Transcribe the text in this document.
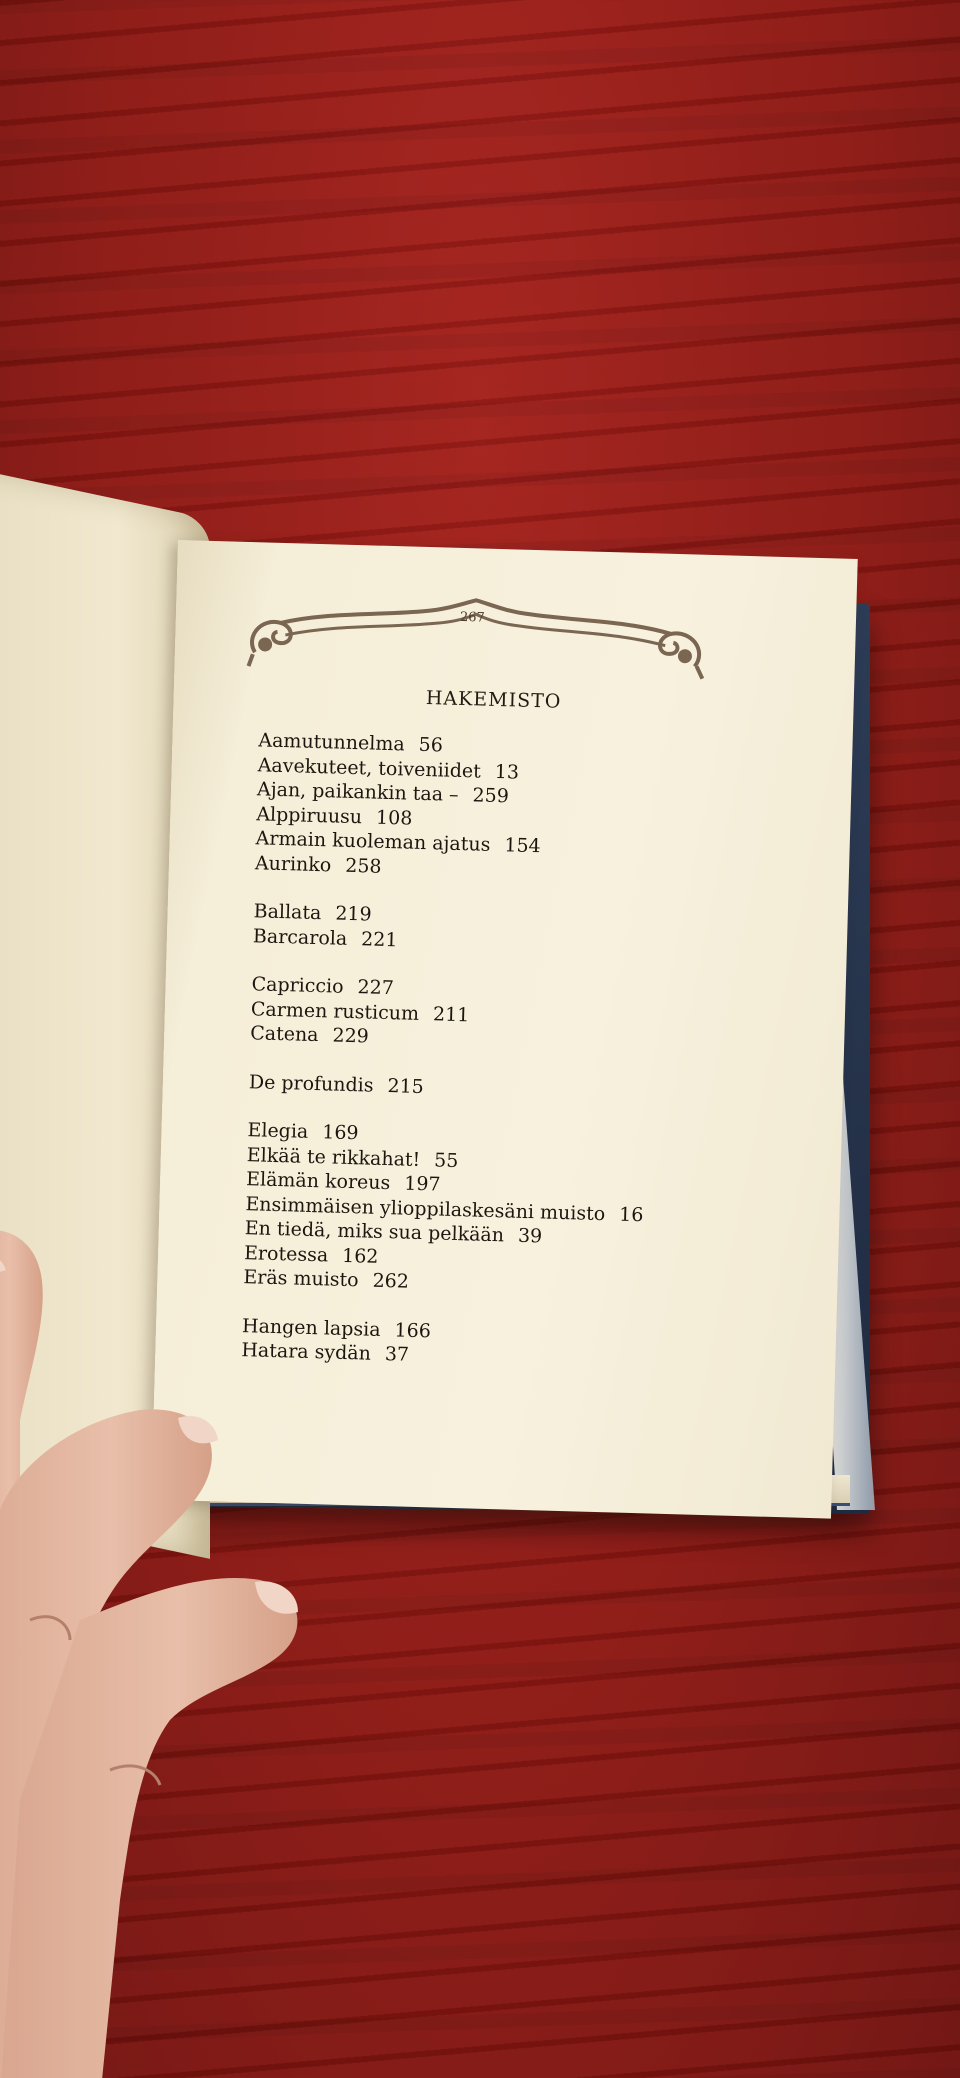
267
HAKEMISTO
Aamutunnelma 56
Aavekuteet, toiveniidet 13
Ajan, paikankin taa – 259
Alppiruusu 108
Armain kuoleman ajatus 154
Aurinko 258
Ballata 219
Barcarola 221
Capriccio 227
Carmen rusticum 211
Catena 229
De profundis 215
Elegia 169
Elkää te rikkahat! 55
Elämän koreus 197
Ensimmäisen ylioppilaskesäni muisto 16
En tiedä, miks sua pelkään 39
Erotessa 162
Eräs muisto 262
Hangen lapsia 166
Hatara sydän 37
